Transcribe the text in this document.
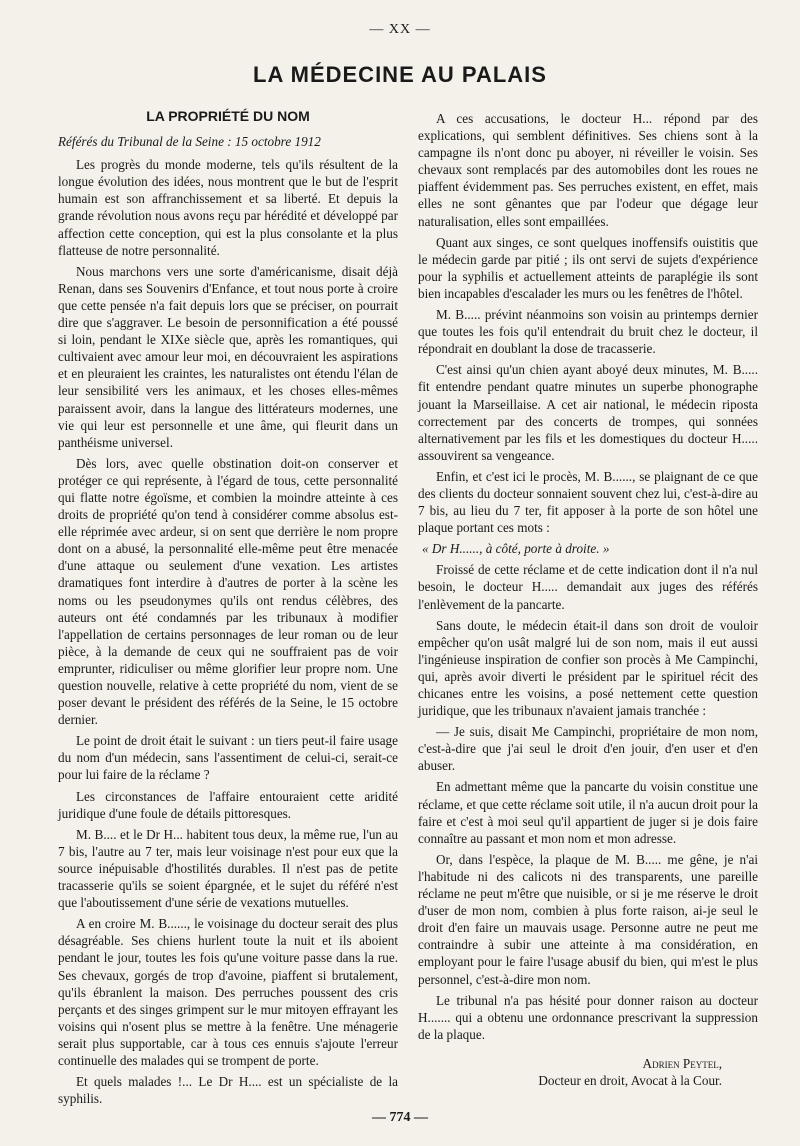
— XX —
LA MÉDECINE AU PALAIS
LA PROPRIÉTÉ DU NOM
Référés du Tribunal de la Seine : 15 octobre 1912

Les progrès du monde moderne, tels qu'ils résultent de la longue évolution des idées, nous montrent que le but de l'esprit humain est son affranchissement et sa liberté. Et depuis la grande révolution nous avons reçu par hérédité et développé par affection cette conception, qui est la plus consolante et la plus flatteuse de notre personnalité.

Nous marchons vers une sorte d'américanisme, disait déjà Renan, dans ses Souvenirs d'Enfance, et tout nous porte à croire que cette pensée n'a fait depuis lors que se préciser, on pourrait dire que s'aggraver. Le besoin de personnification a été poussé si loin, pendant le XIXe siècle que, après les romantiques, qui cultivaient avec amour leur moi, en découvraient les aspirations et en pleuraient les craintes, les naturalistes ont étendu l'élan de leur sensibilité vers les animaux, et les choses elles-mêmes paraissent avoir, dans la langue des littérateurs modernes, une vie qui leur est personnelle et une âme, qui fleurit dans un panthéisme universel.

Dès lors, avec quelle obstination doit-on conserver et protéger ce qui représente, à l'égard de tous, cette personnalité qui flatte notre égoïsme, et combien la moindre atteinte à ces droits de propriété qu'on tend à considérer comme absolus est-elle réprimée avec ardeur, si on sent que derrière le nom propre dont on a abusé, la personnalité elle-même peut être menacée d'une attaque ou seulement d'une vexation. Les artistes dramatiques font interdire à d'autres de porter à la scène les noms ou les pseudonymes qu'ils ont rendus célèbres, des auteurs ont été condamnés par les tribunaux à modifier l'appellation de certains personnages de leur roman ou de leur pièce, à la demande de ceux qui ne souffraient pas de voir emprunter, ridiculiser ou même glorifier leur propre nom. Une question nouvelle, relative à cette propriété du nom, vient de se poser devant le président des référés de la Seine, le 15 octobre dernier.

Le point de droit était le suivant : un tiers peut-il faire usage du nom d'un médecin, sans l'assentiment de celui-ci, serait-ce pour lui faire de la réclame ?

Les circonstances de l'affaire entouraient cette aridité juridique d'une foule de détails pittoresques.

M. B.... et le Dr H... habitent tous deux, la même rue, l'un au 7 bis, l'autre au 7 ter, mais leur voisinage n'est pour eux que la source inépuisable d'hostilités durables. Il n'est pas de petite tracasserie qu'ils se soient épargnée, et le sujet du référé n'est que l'aboutissement d'une série de vexations mutuelles.

A en croire M. B......, le voisinage du docteur serait des plus désagréable. Ses chiens hurlent toute la nuit et ils aboient pendant le jour, toutes les fois qu'une voiture passe dans la rue. Ses chevaux, gorgés de trop d'avoine, piaffent si brutalement, qu'ils ébranlent la maison. Des perruches poussent des cris perçants et des singes grimpent sur le mur mitoyen effrayant les voisins qui n'osent plus se mettre à la fenêtre. Une ménagerie serait plus supportable, car à tous ces ennuis s'ajoute l'erreur continuelle des malades qui se trompent de porte.

Et quels malades !... Le Dr H.... est un spécialiste de la syphilis.

A ces accusations, le docteur H... répond par des explications, qui semblent définitives. Ses chiens sont à la campagne ils n'ont donc pu aboyer, ni réveiller le voisin. Ses chevaux sont remplacés par des automobiles dont les roues ne piaffent évidemment pas. Ses perruches existent, en effet, mais elles ne sont gênantes que par l'odeur que dégage leur naturalisation, elles sont empaillées.

Quant aux singes, ce sont quelques inoffensifs ouistitis que le médecin garde par pitié ; ils ont servi de sujets d'expérience pour la syphilis et actuellement atteints de paraplégie ils sont bien incapables d'escalader les murs ou les fenêtres de l'hôtel.

M. B..... prévint néanmoins son voisin au printemps dernier que toutes les fois qu'il entendrait du bruit chez le docteur, il répondrait en doublant la dose de tracasserie.

C'est ainsi qu'un chien ayant aboyé deux minutes, M. B..... fit entendre pendant quatre minutes un superbe phonographe jouant la Marseillaise. A cet air national, le médecin riposta correctement par des concerts de trompes, qui sonnées alternativement par les fils et les domestiques du docteur H..... assouvirent sa vengeance.

Enfin, et c'est ici le procès, M. B......, se plaignant de ce que des clients du docteur sonnaient souvent chez lui, c'est-à-dire au 7 bis, au lieu du 7 ter, fit apposer à la porte de son hôtel une plaque portant ces mots :

« Dr H......, à côté, porte à droite. »

Froissé de cette réclame et de cette indication dont il n'a nul besoin, le docteur H..... demandait aux juges des référés l'enlèvement de la pancarte.

Sans doute, le médecin était-il dans son droit de vouloir empêcher qu'on usât malgré lui de son nom, mais il eut aussi l'ingénieuse inspiration de confier son procès à Me Campinchi, qui, après avoir diverti le président par le spirituel récit des chicanes entre les voisins, a posé nettement cette question juridique, que les tribunaux n'avaient jamais tranchée :

— Je suis, disait Me Campinchi, propriétaire de mon nom, c'est-à-dire que j'ai seul le droit d'en jouir, d'en user et d'en abuser.

En admettant même que la pancarte du voisin constitue une réclame, et que cette réclame soit utile, il n'a aucun droit pour la faire et c'est à moi seul qu'il appartient de juger si je dois faire connaître au passant et mon nom et mon adresse.

Or, dans l'espèce, la plaque de M. B..... me gêne, je n'ai l'habitude ni des calicots ni des transparents, une pareille réclame ne peut m'être que nuisible, or si je me réserve le droit d'user de mon nom, combien à plus forte raison, ai-je seul le droit d'en faire un mauvais usage. Personne autre ne peut me contraindre à subir une atteinte à ma considération, en employant pour le faire l'usage abusif du bien, qui m'est le plus personnel, c'est-à-dire mon nom.

Le tribunal n'a pas hésité pour donner raison au docteur H....... qui a obtenu une ordonnance prescrivant la suppression de la plaque.

Adrien Peytel,
Docteur en droit, Avocat à la Cour.
— 774 —
